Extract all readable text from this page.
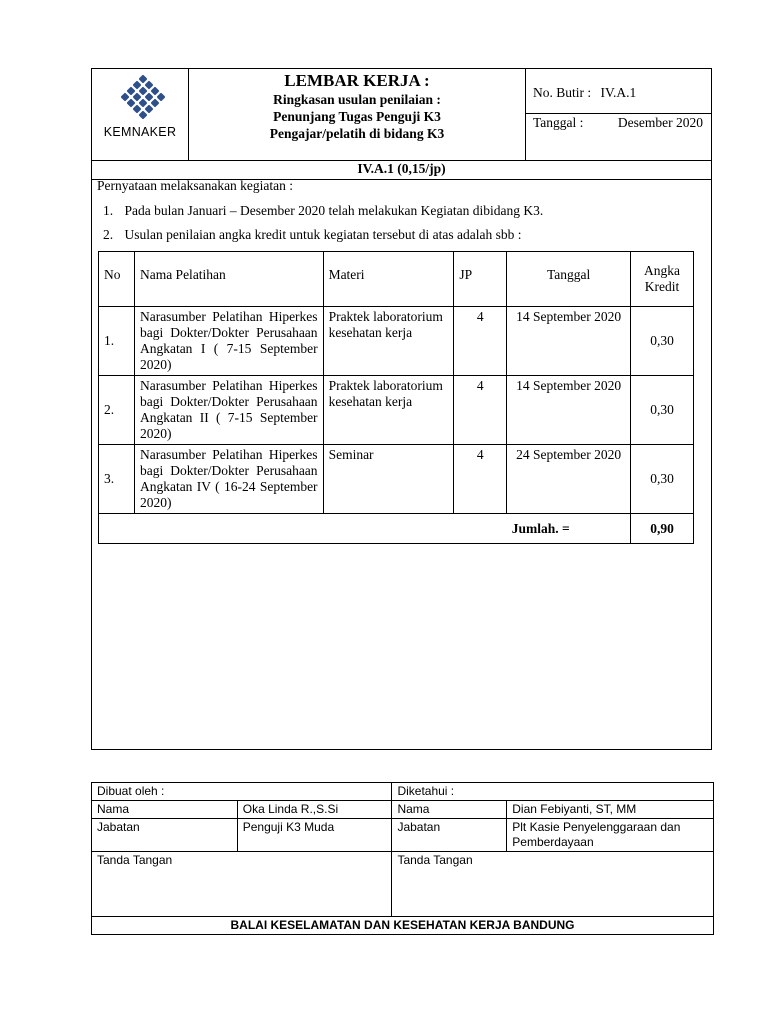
KEMNAKER
LEMBAR KERJA :
Ringkasan usulan penilaian :
Penunjang Tugas Penguji K3
Pengajar/pelatih di bidang K3
No. Butir : IV.A.1
Tanggal :	Desember 2020
IV.A.1 (0,15/jp)
Pernyataan melaksanakan kegiatan :
1. Pada bulan Januari – Desember 2020 telah melakukan Kegiatan dibidang K3.
2. Usulan penilaian angka kredit untuk kegiatan tersebut di atas adalah sbb :
No	Nama Pelatihan	Materi	JP	Tanggal	Angka Kredit
1.	Narasumber Pelatihan Hiperkes bagi Dokter/Dokter Perusahaan Angkatan I ( 7-15 September 2020)	Praktek laboratorium kesehatan kerja	4	14 September 2020	0,30
2.	Narasumber Pelatihan Hiperkes bagi Dokter/Dokter Perusahaan Angkatan II ( 7-15 September 2020)	Praktek laboratorium kesehatan kerja	4	14 September 2020	0,30
3.	Narasumber Pelatihan Hiperkes bagi Dokter/Dokter Perusahaan Angkatan IV ( 16-24 September 2020)	Seminar	4	24 September 2020	0,30
				Jumlah. =	0,90
Dibuat oleh :		Diketahui :	
Nama	Oka Linda R.,S.Si	Nama	Dian Febiyanti, ST, MM
Jabatan	Penguji K3 Muda	Jabatan	Plt Kasie Penyelenggaraan dan Pemberdayaan
Tanda Tangan		Tanda Tangan	
BALAI KESELAMATAN DAN KESEHATAN KERJA BANDUNG			
